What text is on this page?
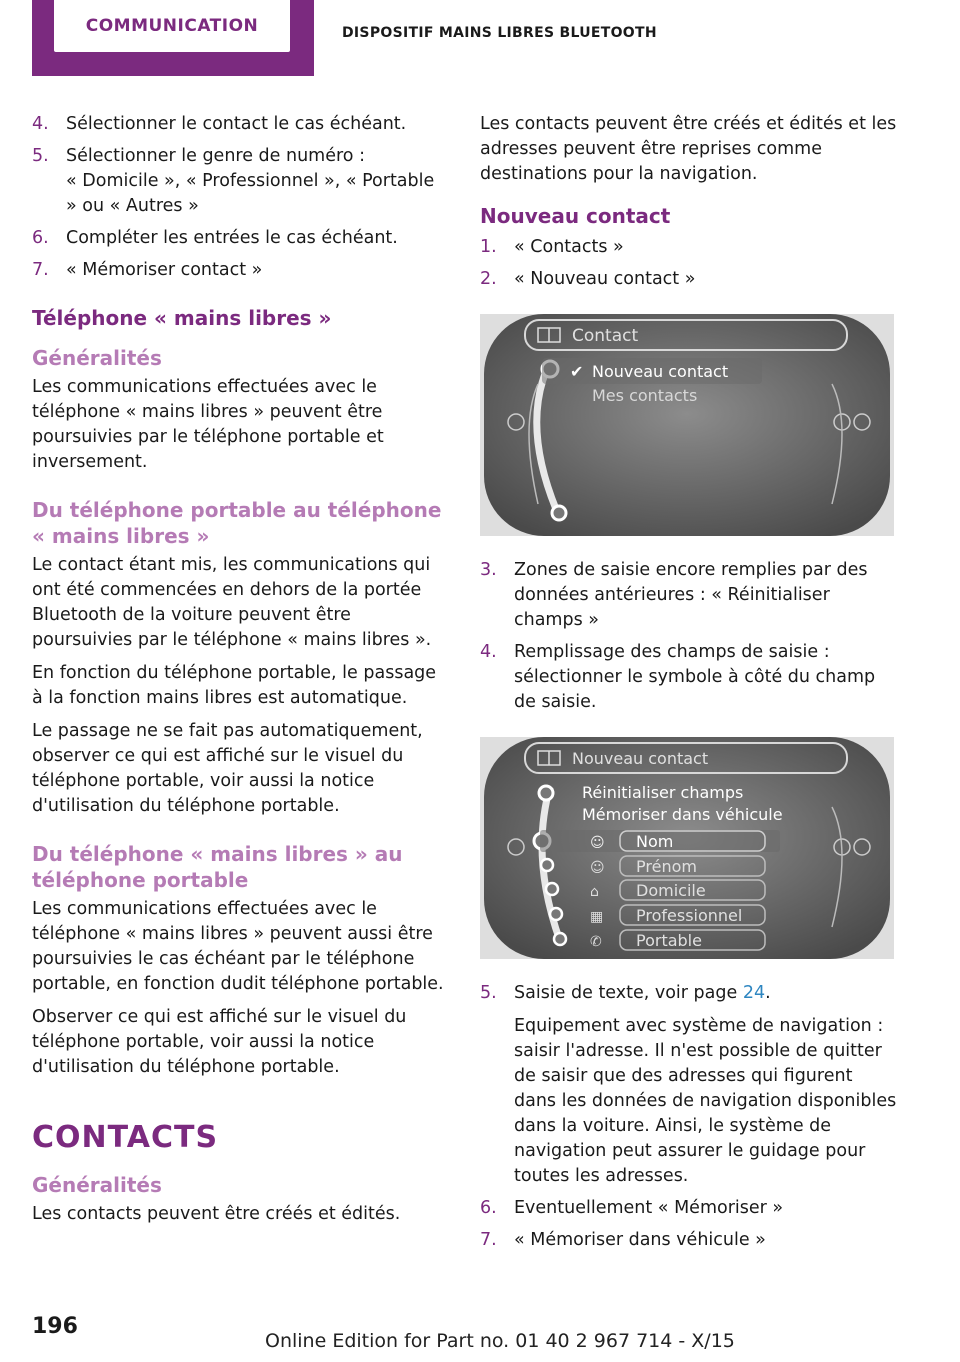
COMMUNICATION	DISPOSITIF MAINS LIBRES BLUETOOTH
4. Sélectionner le contact le cas échéant.
5. Sélectionner le genre de numéro :
« Domicile », « Professionnel », « Portable » ou « Autres »
6. Compléter les entrées le cas échéant.
7. « Mémoriser contact »
Téléphone « mains libres »
Généralités

Les communications effectuées avec le téléphone « mains libres » peuvent être poursuivies par le téléphone portable et inversement.

Du téléphone portable au téléphone « mains libres »

Le contact étant mis, les communications qui ont été commencées en dehors de la portée Bluetooth de la voiture peuvent être poursuivies par le téléphone « mains libres ».

En fonction du téléphone portable, le passage à la fonction mains libres est automatique.

Le passage ne se fait pas automatiquement, observer ce qui est affiché sur le visuel du téléphone portable, voir aussi la notice d'utilisation du téléphone portable.

Du téléphone « mains libres » au téléphone portable

Les communications effectuées avec le téléphone « mains libres » peuvent aussi être poursuivies le cas échéant par le téléphone portable, en fonction dudit téléphone portable.

Observer ce qui est affiché sur le visuel du téléphone portable, voir aussi la notice d'utilisation du téléphone portable.

CONTACTS
Généralités

Les contacts peuvent être créés et édités.

Les contacts peuvent être créés et édités et les adresses peuvent être reprises comme destinations pour la navigation.

Nouveau contact
1. « Contacts »
2. « Nouveau contact »
Contact
✔ Nouveau contact
Mes contacts
3. Zones de saisie encore remplies par des données antérieures : « Réinitialiser champs »
4. Remplissage des champs de saisie : sélectionner le symbole à côté du champ de saisie.
Nouveau contact
Réinitialiser champs
Mémoriser dans véhicule
☺ Nom
☺ Prénom
⌂ Domicile
▦ Professionnel
✆ Portable
5. Saisie de texte, voir page 24.
Equipement avec système de navigation : saisir l'adresse. Il n'est possible de quitter de saisir que des adresses qui figurent dans les données de navigation disponibles dans la voiture. Ainsi, le système de navigation peut assurer le guidage pour toutes les adresses.
6. Eventuellement « Mémoriser »
7. « Mémoriser dans véhicule »
196
Online Edition for Part no. 01 40 2 967 714 - X/15
